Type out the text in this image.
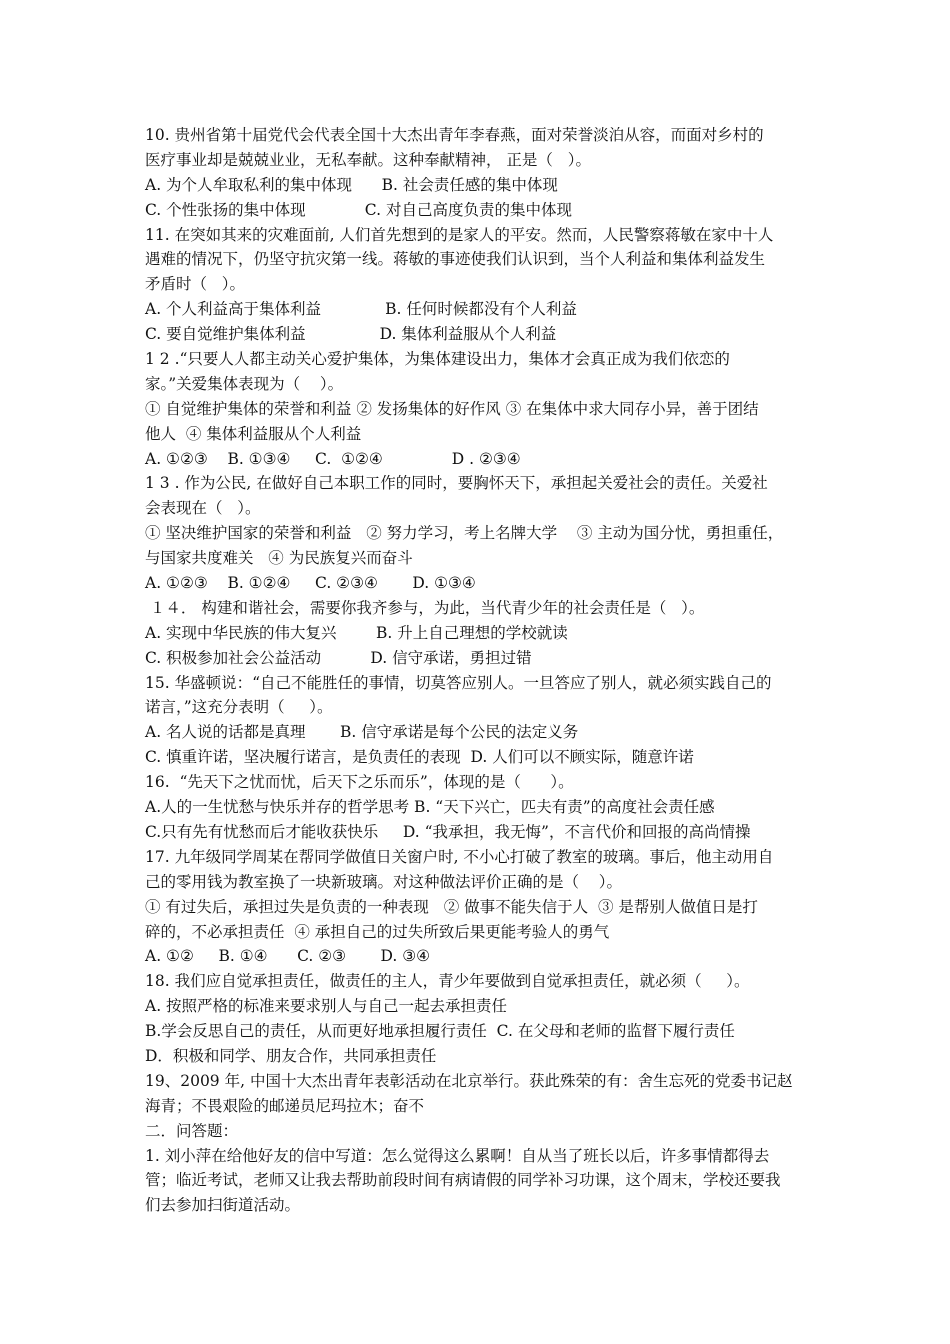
10. 贵州省第十届党代会代表全国十大杰出青年李春燕，面对荣誉淡泊从容，而面对乡村的
医疗事业却是兢兢业业，无私奉献。这种奉献精神， 正是（   ）。
A. 为个人牟取私利的集中体现      B. 社会责任感的集中体现
C. 个性张扬的集中体现            C. 对自己高度负责的集中体现
11. 在突如其来的灾难面前, 人们首先想到的是家人的平安。然而，人民警察蒋敏在家中十人
遇难的情况下，仍坚守抗灾第一线。蒋敏的事迹使我们认识到，当个人利益和集体利益发生
矛盾时（   ）。
A. 个人利益高于集体利益             B. 任何时候都没有个人利益
C. 要自觉维护集体利益               D. 集体利益服从个人利益
1 2 .“只要人人都主动关心爱护集体，为集体建设出力，集体才会真正成为我们依恋的
家。”关爱集体表现为（    ）。
① 自觉维护集体的荣誉和利益 ② 发扬集体的好作风 ③ 在集体中求大同存小异，善于团结
他人  ④ 集体利益服从个人利益
A. ①②③    B. ①③④     C.  ①②④              D . ②③④
1 3 . 作为公民, 在做好自己本职工作的同时，要胸怀天下，承担起关爱社会的责任。关爱社
会表现在（   ）。
① 坚决维护国家的荣誉和利益   ② 努力学习，考上名牌大学    ③ 主动为国分忧，勇担重任，
与国家共度难关   ④ 为民族复兴而奋斗
A. ①②③    B. ①②④     C. ②③④       D. ①③④
１４． 构建和谐社会，需要你我齐参与，为此，当代青少年的社会责任是（   ）。
A. 实现中华民族的伟大复兴        B. 升上自己理想的学校就读
C. 积极参加社会公益活动          D. 信守承诺，勇担过错
15. 华盛顿说：“自己不能胜任的事情，切莫答应别人。一旦答应了别人，就必须实践自己的
诺言，”这充分表明（     ）。
A. 名人说的话都是真理       B. 信守承诺是每个公民的法定义务
C. 慎重许诺，坚决履行诺言，是负责任的表现  D. 人们可以不顾实际，随意许诺
16.  “先天下之忧而忧，后天下之乐而乐”，体现的是（      ）。
A.人的一生忧愁与快乐并存的哲学思考 B. “天下兴亡，匹夫有责”的高度社会责任感
C.只有先有忧愁而后才能收获快乐     D. “我承担，我无悔”，不言代价和回报的高尚情操
17. 九年级同学周某在帮同学做值日关窗户时, 不小心打破了教室的玻璃。事后，他主动用自
己的零用钱为教室换了一块新玻璃。对这种做法评价正确的是（    ）。
① 有过失后，承担过失是负责的一种表现   ② 做事不能失信于人  ③ 是帮别人做值日是打
碎的，不必承担责任  ④ 承担自己的过失所致后果更能考验人的勇气
A. ①②     B. ①④      C. ②③       D. ③④
18. 我们应自觉承担责任，做责任的主人，青少年要做到自觉承担责任，就必须（     ）。
A. 按照严格的标准来要求别人与自己一起去承担责任
B.学会反思自己的责任，从而更好地承担履行责任  C. 在父母和老师的监督下履行责任
D．积极和同学、朋友合作，共同承担责任
19、2009 年, 中国十大杰出青年表彰活动在北京举行。获此殊荣的有：舍生忘死的党委书记赵
海青；不畏艰险的邮递员尼玛拉木；奋不
二．问答题：
1. 刘小萍在给他好友的信中写道：怎么觉得这么累啊！自从当了班长以后，许多事情都得去
管；临近考试，老师又让我去帮助前段时间有病请假的同学补习功课，这个周末，学校还要我
们去参加扫街道活动。
